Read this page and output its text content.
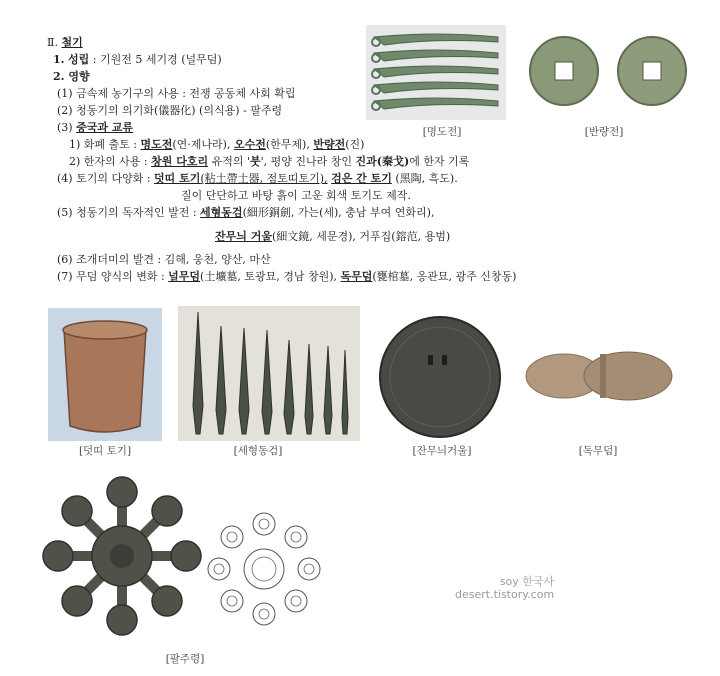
Ⅱ. 철기
1. 성립 : 기원전 5 세기경 (널무덤)
2. 영향
(1) 금속제 농기구의 사용 : 전쟁 공동체 사회 확립
(2) 청동기의 의기화(儀器化) (의식용) - 팔주령
(3) 중국과 교류
1) 화폐 출토 : 명도전(연·제나라), 오수전(한무제), 반량전(진)
2) 한자의 사용 : 창원 다호리 유적의 '붓', 평양 진나라 창인 진과(秦戈)에 한자 기록
(4) 토기의 다양화 : 덧띠 토기(粘土帶土器, 점토띠토기), 검은 간 토기 (黑陶, 흑도).
질이 단단하고 바탕 흙이 고운 회색 토기도 제작.
(5) 청동기의 독자적인 발전 : 세형동검(細形銅劍, 가는(세), 충남 부여 연화리),
잔무늬 거울(細文鏡, 세문경), 거푸집(鎔范, 용범)
(6) 조개더미의 발견 : 김해, 웅천, 양산, 마산
(7) 무덤 양식의 변화 : 널무덤(土壙墓, 토광묘, 경남 창원), 독무덤(甕棺墓, 옹관묘, 광주 신창동)
[명도전]	[반량전]
[덧띠 토기]	[세형동검]	[잔무늬거울]	[독무덤]
[팔주령]
soy 한국사
desert.tistory.com
